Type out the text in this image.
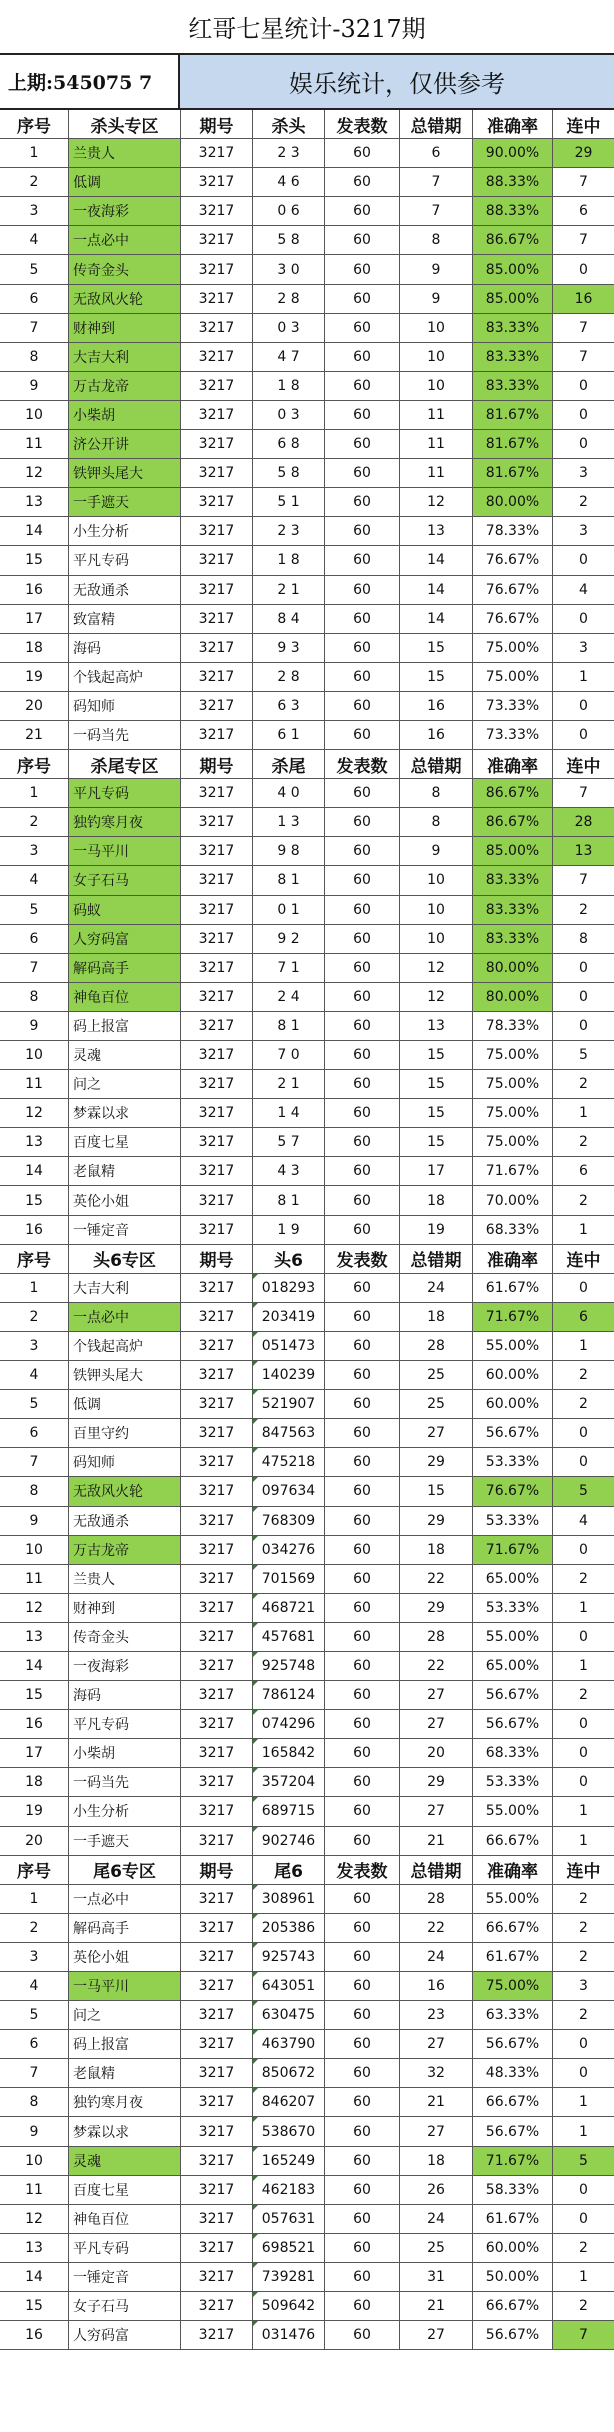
红哥七星统计-3217期
上期:545075 7	娱乐统计，仅供参考
序号	杀头专区	期号	杀头	发表数	总错期	准确率	连中
1	兰贵人	3217	2 3	60	6	90.00%	29
2	低调	3217	4 6	60	7	88.33%	7
3	一夜海彩	3217	0 6	60	7	88.33%	6
4	一点必中	3217	5 8	60	8	86.67%	7
5	传奇金头	3217	3 0	60	9	85.00%	0
6	无敌风火轮	3217	2 8	60	9	85.00%	16
7	财神到	3217	0 3	60	10	83.33%	7
8	大吉大利	3217	4 7	60	10	83.33%	7
9	万古龙帝	3217	1 8	60	10	83.33%	0
10	小柴胡	3217	0 3	60	11	81.67%	0
11	济公开讲	3217	6 8	60	11	81.67%	0
12	铁钾头尾大	3217	5 8	60	11	81.67%	3
13	一手遮天	3217	5 1	60	12	80.00%	2
14	小生分析	3217	2 3	60	13	78.33%	3
15	平凡专码	3217	1 8	60	14	76.67%	0
16	无敌通杀	3217	2 1	60	14	76.67%	4
17	致富精	3217	8 4	60	14	76.67%	0
18	海码	3217	9 3	60	15	75.00%	3
19	个钱起高炉	3217	2 8	60	15	75.00%	1
20	码知师	3217	6 3	60	16	73.33%	0
21	一码当先	3217	6 1	60	16	73.33%	0
序号	杀尾专区	期号	杀尾	发表数	总错期	准确率	连中
1	平凡专码	3217	4 0	60	8	86.67%	7
2	独钓寒月夜	3217	1 3	60	8	86.67%	28
3	一马平川	3217	9 8	60	9	85.00%	13
4	女子石马	3217	8 1	60	10	83.33%	7
5	码蚁	3217	0 1	60	10	83.33%	2
6	人穷码富	3217	9 2	60	10	83.33%	8
7	解码高手	3217	7 1	60	12	80.00%	0
8	神龟百位	3217	2 4	60	12	80.00%	0
9	码上报富	3217	8 1	60	13	78.33%	0
10	灵魂	3217	7 0	60	15	75.00%	5
11	问之	3217	2 1	60	15	75.00%	2
12	梦霖以求	3217	1 4	60	15	75.00%	1
13	百度七星	3217	5 7	60	15	75.00%	2
14	老鼠精	3217	4 3	60	17	71.67%	6
15	英伦小姐	3217	8 1	60	18	70.00%	2
16	一锤定音	3217	1 9	60	19	68.33%	1
序号	头6专区	期号	头6	发表数	总错期	准确率	连中
1	大吉大利	3217	018293	60	24	61.67%	0
2	一点必中	3217	203419	60	18	71.67%	6
3	个钱起高炉	3217	051473	60	28	55.00%	1
4	铁钾头尾大	3217	140239	60	25	60.00%	2
5	低调	3217	521907	60	25	60.00%	2
6	百里守约	3217	847563	60	27	56.67%	0
7	码知师	3217	475218	60	29	53.33%	0
8	无敌风火轮	3217	097634	60	15	76.67%	5
9	无敌通杀	3217	768309	60	29	53.33%	4
10	万古龙帝	3217	034276	60	18	71.67%	0
11	兰贵人	3217	701569	60	22	65.00%	2
12	财神到	3217	468721	60	29	53.33%	1
13	传奇金头	3217	457681	60	28	55.00%	0
14	一夜海彩	3217	925748	60	22	65.00%	1
15	海码	3217	786124	60	27	56.67%	2
16	平凡专码	3217	074296	60	27	56.67%	0
17	小柴胡	3217	165842	60	20	68.33%	0
18	一码当先	3217	357204	60	29	53.33%	0
19	小生分析	3217	689715	60	27	55.00%	1
20	一手遮天	3217	902746	60	21	66.67%	1
序号	尾6专区	期号	尾6	发表数	总错期	准确率	连中
1	一点必中	3217	308961	60	28	55.00%	2
2	解码高手	3217	205386	60	22	66.67%	2
3	英伦小姐	3217	925743	60	24	61.67%	2
4	一马平川	3217	643051	60	16	75.00%	3
5	问之	3217	630475	60	23	63.33%	2
6	码上报富	3217	463790	60	27	56.67%	0
7	老鼠精	3217	850672	60	32	48.33%	0
8	独钓寒月夜	3217	846207	60	21	66.67%	1
9	梦霖以求	3217	538670	60	27	56.67%	1
10	灵魂	3217	165249	60	18	71.67%	5
11	百度七星	3217	462183	60	26	58.33%	0
12	神龟百位	3217	057631	60	24	61.67%	0
13	平凡专码	3217	698521	60	25	60.00%	2
14	一锤定音	3217	739281	60	31	50.00%	1
15	女子石马	3217	509642	60	21	66.67%	2
16	人穷码富	3217	031476	60	27	56.67%	7
